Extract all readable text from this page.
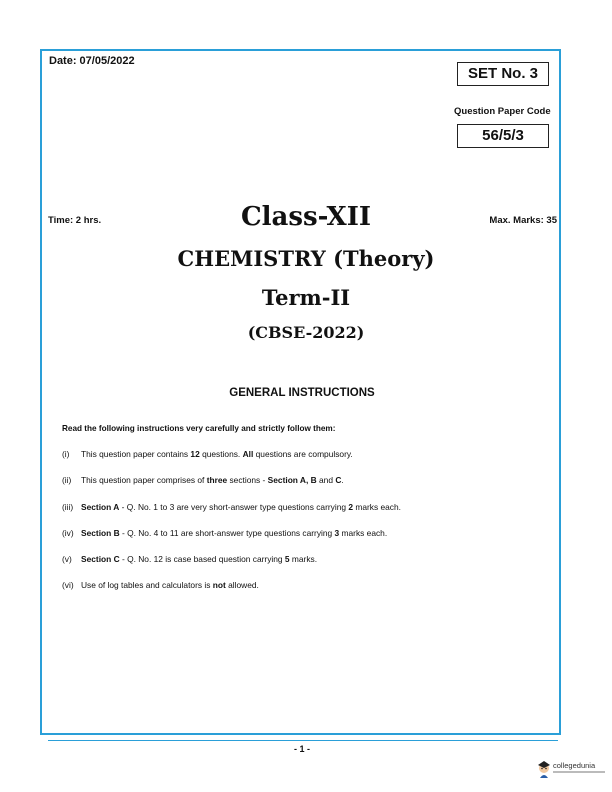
Date: 07/05/2022
SET No. 3
Question Paper Code
56/5/3
Time: 2 hrs.	Max. Marks: 35
Class-XII
CHEMISTRY (Theory)
Term-II
(CBSE-2022)
GENERAL INSTRUCTIONS
Read the following instructions very carefully and strictly follow them:
(i) This question paper contains 12 questions. All questions are compulsory.
(ii) This question paper comprises of three sections - Section A, B and C.
(iii) Section A - Q. No. 1 to 3 are very short-answer type questions carrying 2 marks each.
(iv) Section B - Q. No. 4 to 11 are short-answer type questions carrying 3 marks each.
(v) Section C - Q. No. 12 is case based question carrying 5 marks.
(vi) Use of log tables and calculators is not allowed.
- 1 -
collegedunia
